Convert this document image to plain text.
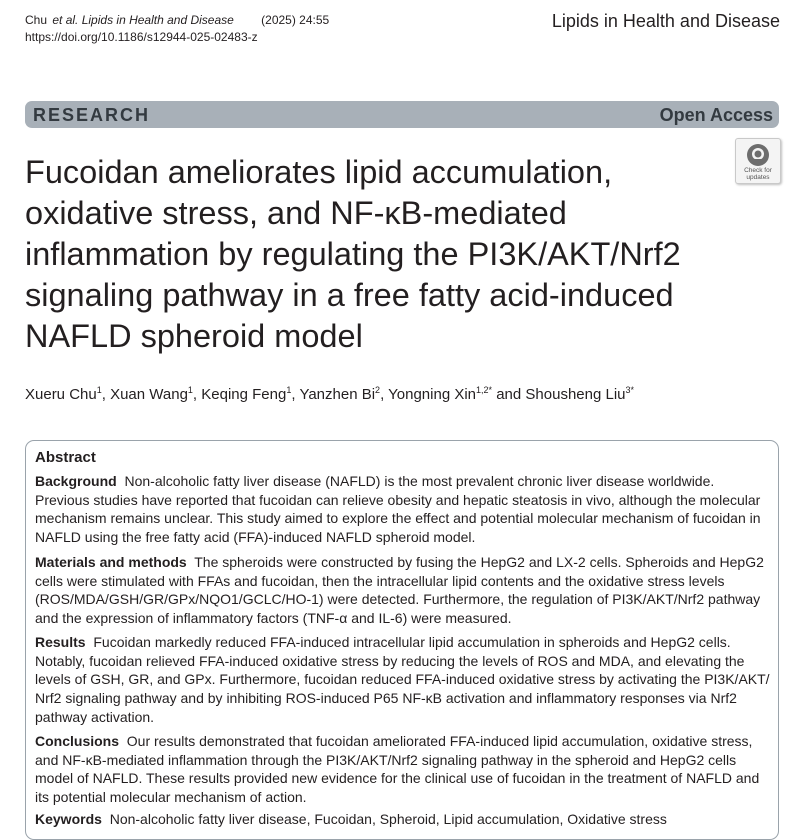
Chu et al. Lipids in Health and Disease (2025) 24:55
https://doi.org/10.1186/s12944-025-02483-z
Lipids in Health and Disease
RESEARCH	Open Access
Fucoidan ameliorates lipid accumulation, oxidative stress, and NF-κB-mediated inflammation by regulating the PI3K/AKT/Nrf2 signaling pathway in a free fatty acid-induced NAFLD spheroid model
Check for
updates
Xueru Chu$^1$, Xuan Wang$^1$, Keqing Feng$^1$, Yanzhen Bi$^2$, Yongning Xin$^{1,2*}$ and Shousheng Liu$^{3*}$
Abstract
Background Non-alcoholic fatty liver disease (NAFLD) is the most prevalent chronic liver disease worldwide. Previous studies have reported that fucoidan can relieve obesity and hepatic steatosis in vivo, although the molecular mechanism remains unclear. This study aimed to explore the effect and potential molecular mechanism of fucoidan in NAFLD using the free fatty acid (FFA)-induced NAFLD spheroid model.
Materials and methods The spheroids were constructed by fusing the HepG2 and LX-2 cells. Spheroids and HepG2 cells were stimulated with FFAs and fucoidan, then the intracellular lipid contents and the oxidative stress levels (ROS/MDA/GSH/GR/GPx/NQO1/GCLC/HO-1) were detected. Furthermore, the regulation of PI3K/AKT/Nrf2 pathway and the expression of inflammatory factors (TNF-α and IL-6) were measured.
Results Fucoidan markedly reduced FFA-induced intracellular lipid accumulation in spheroids and HepG2 cells. Notably, fucoidan relieved FFA-induced oxidative stress by reducing the levels of ROS and MDA, and elevating the levels of GSH, GR, and GPx. Furthermore, fucoidan reduced FFA-induced oxidative stress by activating the PI3K/AKT/ Nrf2 signaling pathway and by inhibiting ROS-induced P65 NF-κB activation and inflammatory responses via Nrf2 pathway activation.
Conclusions Our results demonstrated that fucoidan ameliorated FFA-induced lipid accumulation, oxidative stress, and NF-κB-mediated inflammation through the PI3K/AKT/Nrf2 signaling pathway in the spheroid and HepG2 cells model of NAFLD. These results provided new evidence for the clinical use of fucoidan in the treatment of NAFLD and its potential molecular mechanism of action.
Keywords Non-alcoholic fatty liver disease, Fucoidan, Spheroid, Lipid accumulation, Oxidative stress
